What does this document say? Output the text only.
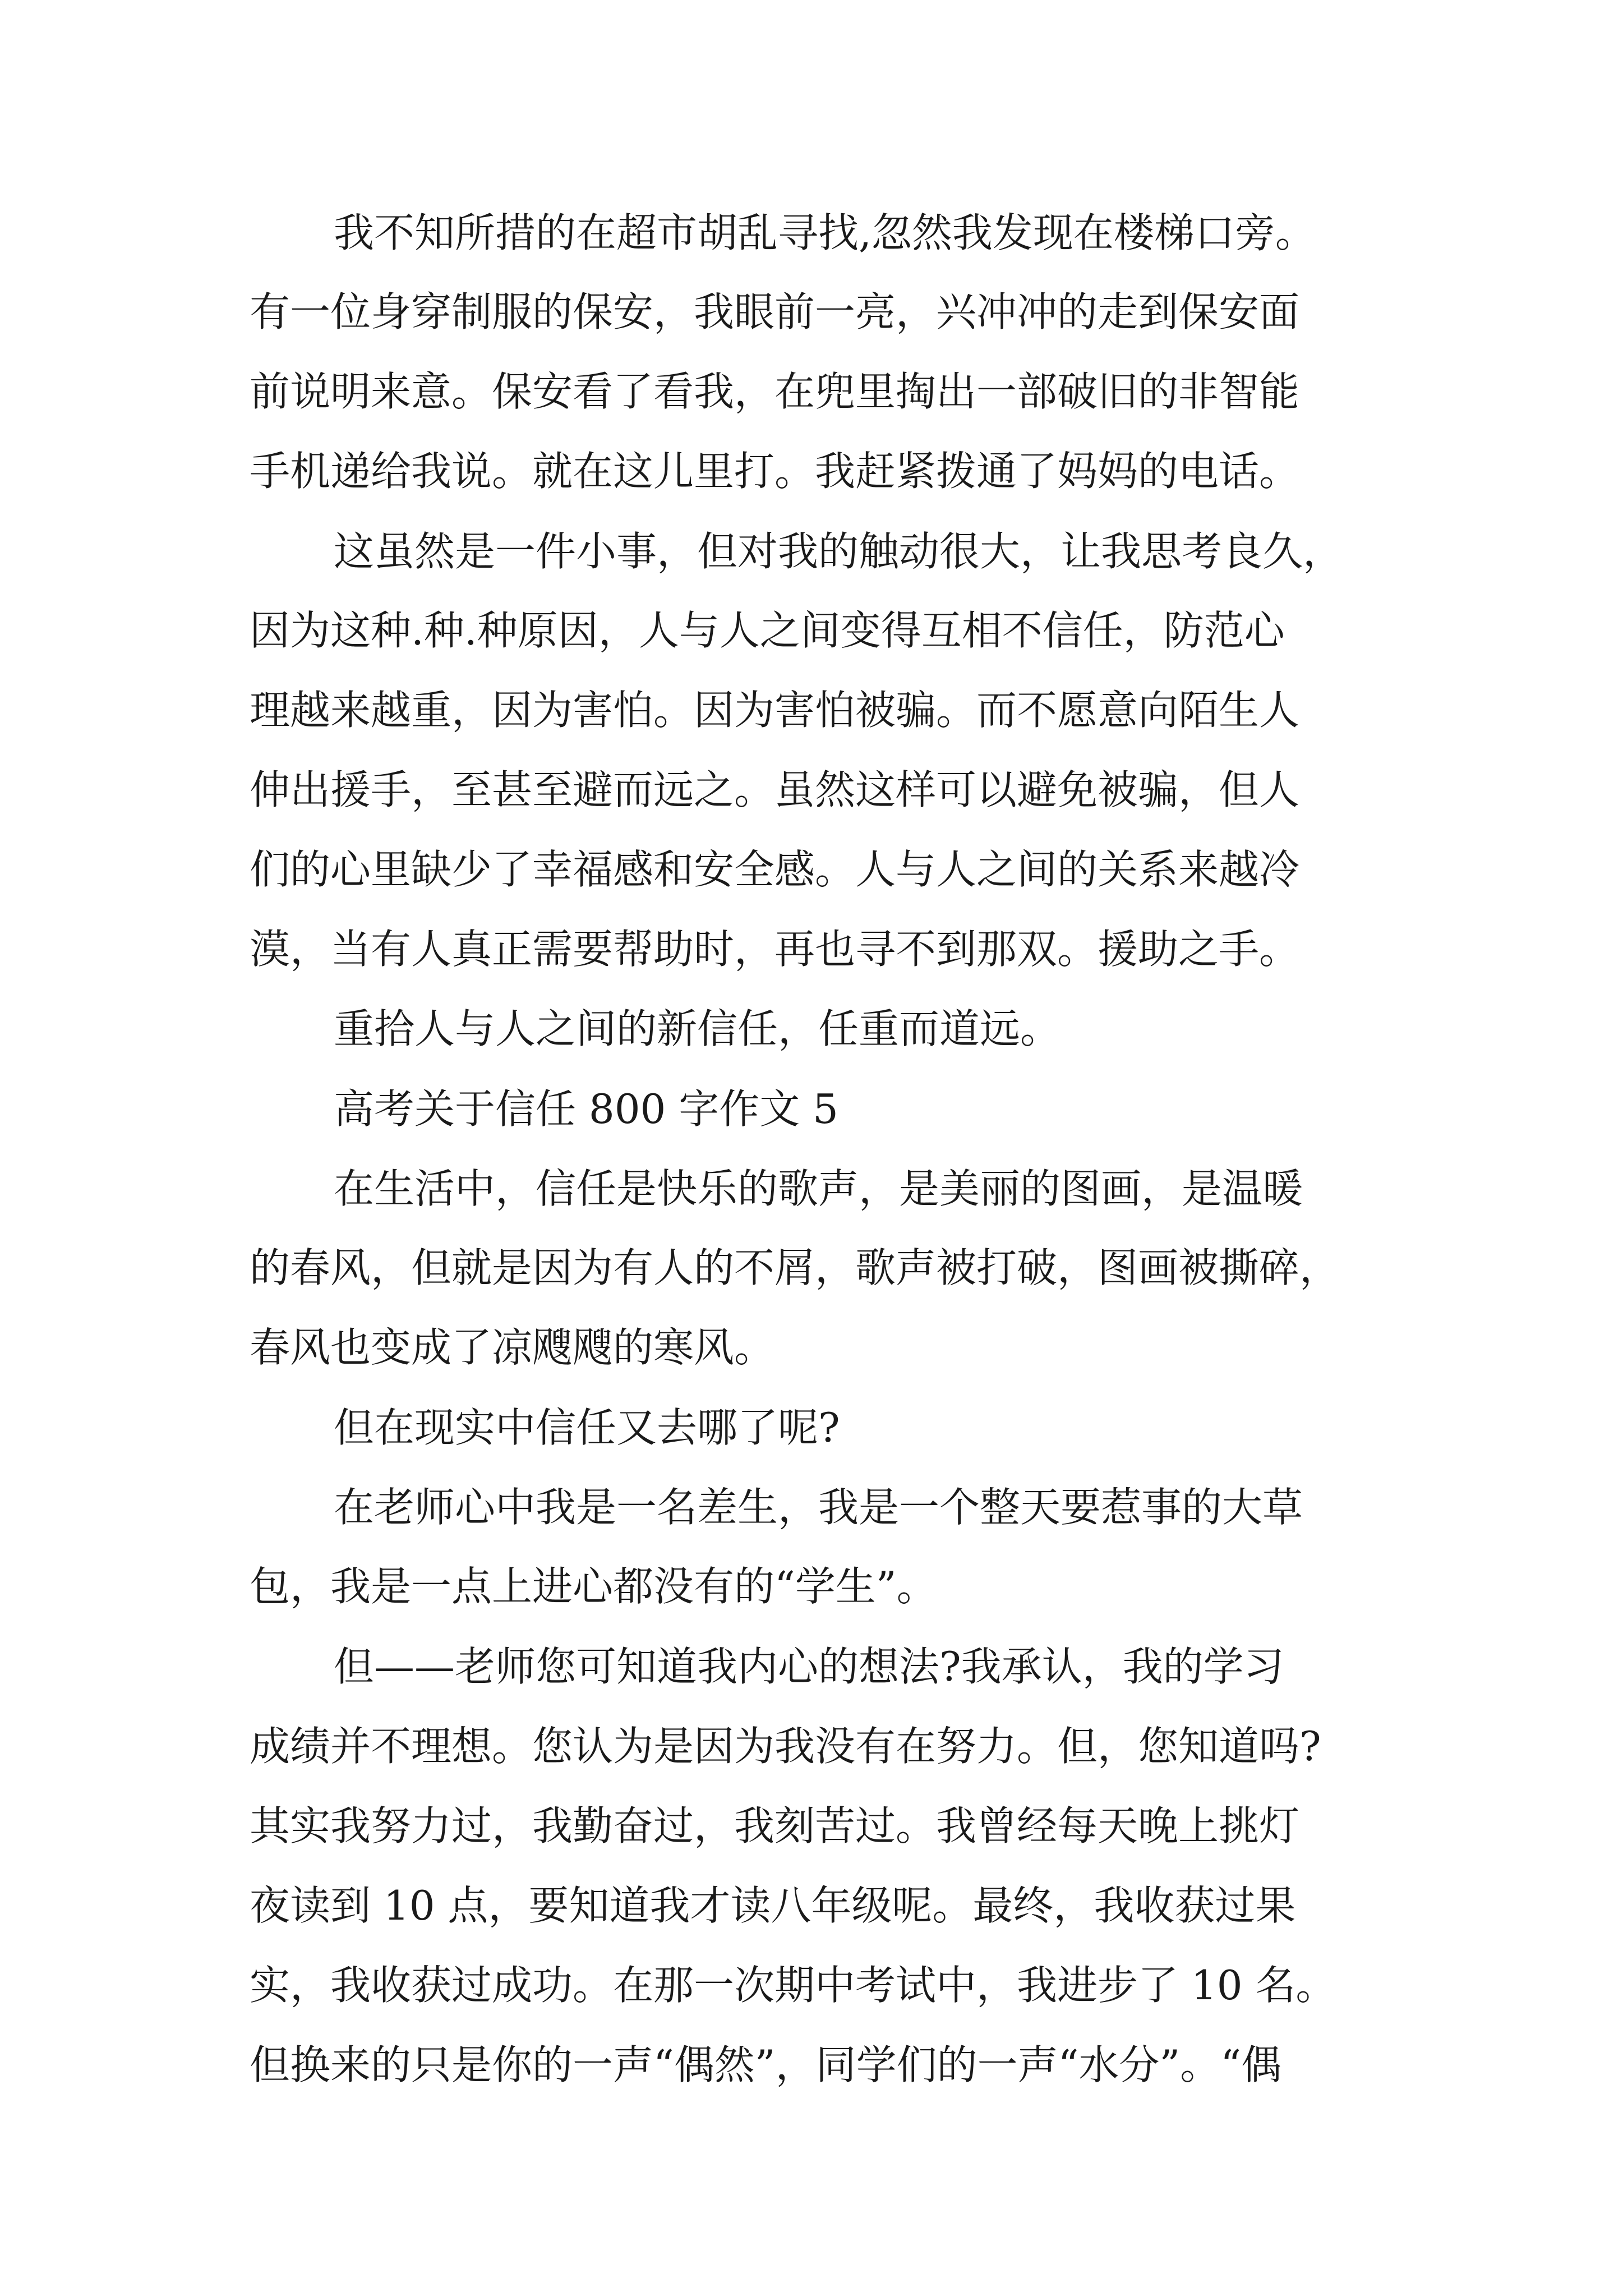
我不知所措的在超市胡乱寻找,忽然我发现在楼梯口旁。
有一位身穿制服的保安，我眼前一亮，兴冲冲的走到保安面
前说明来意。保安看了看我，在兜里掏出一部破旧的非智能
手机递给我说。就在这儿里打。我赶紧拨通了妈妈的电话。
这虽然是一件小事，但对我的触动很大，让我思考良久，
因为这种.种.种原因，人与人之间变得互相不信任，防范心
理越来越重，因为害怕。因为害怕被骗。而不愿意向陌生人
伸出援手，至甚至避而远之。虽然这样可以避免被骗，但人
们的心里缺少了幸福感和安全感。人与人之间的关系来越冷
漠，当有人真正需要帮助时，再也寻不到那双。援助之手。
重拾人与人之间的新信任，任重而道远。
高考关于信任 800 字作文 5
在生活中，信任是快乐的歌声，是美丽的图画，是温暖
的春风，但就是因为有人的不屑，歌声被打破，图画被撕碎，
春风也变成了凉飕飕的寒风。
但在现实中信任又去哪了呢?
在老师心中我是一名差生，我是一个整天要惹事的大草
包，我是一点上进心都没有的“学生”。
但——老师您可知道我内心的想法?我承认，我的学习
成绩并不理想。您认为是因为我没有在努力。但，您知道吗?
其实我努力过，我勤奋过，我刻苦过。我曾经每天晚上挑灯
夜读到 10 点，要知道我才读八年级呢。最终，我收获过果
实，我收获过成功。在那一次期中考试中，我进步了 10 名。
但换来的只是你的一声“偶然”，同学们的一声“水分”。“偶
